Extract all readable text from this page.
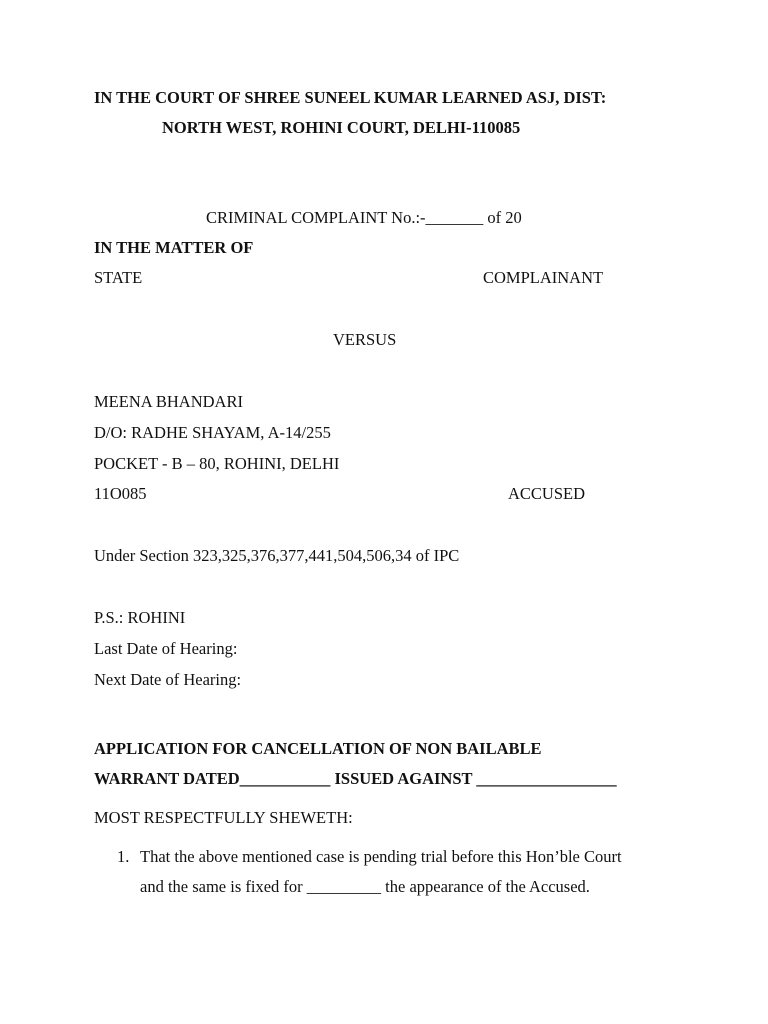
IN THE COURT OF SHREE SUNEEL KUMAR LEARNED ASJ, DIST:
NORTH WEST, ROHINI COURT, DELHI-110085
CRIMINAL COMPLAINT No.:-_______ of 20
IN THE MATTER OF
STATE	COMPLAINANT
VERSUS
MEENA BHANDARI
D/O: RADHE SHAYAM, A-14/255
POCKET - B – 80, ROHINI, DELHI
11O085	ACCUSED
Under Section 323,325,376,377,441,504,506,34 of IPC
P.S.: ROHINI
Last Date of Hearing:
Next Date of Hearing:
APPLICATION FOR CANCELLATION OF NON BAILABLE
WARRANT DATED___________ ISSUED AGAINST _________________
MOST RESPECTFULLY SHEWETH:
1. That the above mentioned case is pending trial before this Hon’ble Court
and the same is fixed for _________ the appearance of the Accused.
